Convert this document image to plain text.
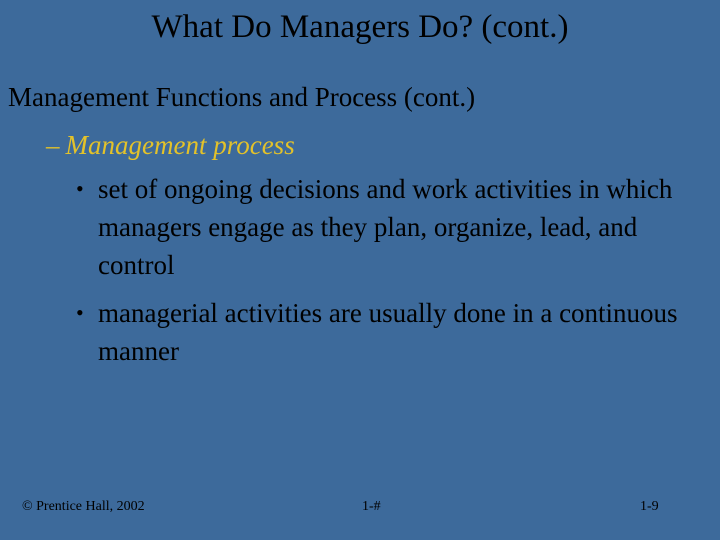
What Do Managers Do? (cont.)
Management Functions and Process (cont.)
– Management process
• set of ongoing decisions and work activities in which managers engage as they plan, organize, lead, and control
• managerial activities are usually done in a continuous manner
© Prentice Hall, 2002	1-#	1-9
